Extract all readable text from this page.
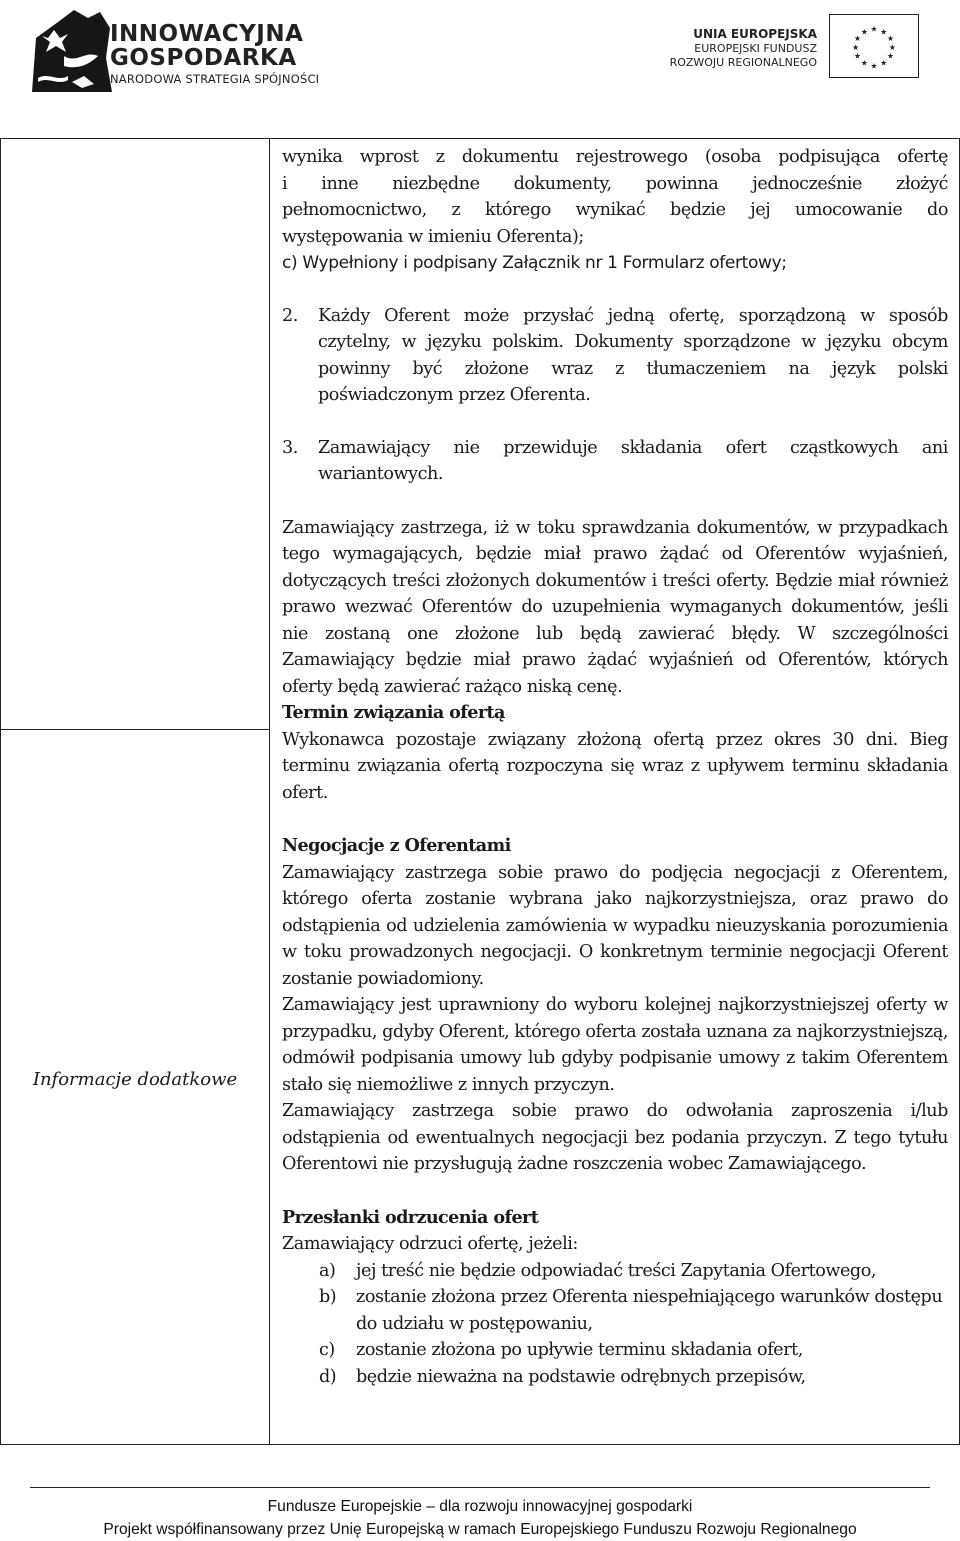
INNOWACYJNA
GOSPODARKA
NARODOWA STRATEGIA SPÓJNOŚCI
UNIA EUROPEJSKA
EUROPEJSKI FUNDUSZ
ROZWOJU REGIONALNEGO
★ ★
★
★
★
★
★
★
★
★
★
★
Informacje dodatkowe
wynika wprost z dokumentu rejestrowego (osoba podpisująca ofertę
i inne niezbędne dokumenty, powinna jednocześnie złożyć
pełnomocnictwo, z którego wynikać będzie jej umocowanie do
występowania w imieniu Oferenta);
c) Wypełniony i podpisany Załącznik nr 1 Formularz ofertowy;
2. Każdy Oferent może przysłać jedną ofertę, sporządzoną w sposób czytelny, w języku polskim. Dokumenty sporządzone w języku obcym powinny być złożone wraz z tłumaczeniem na język polski poświadczonym przez Oferenta.
3. Zamawiający nie przewiduje składania ofert cząstkowych ani wariantowych.
Zamawiający zastrzega, iż w toku sprawdzania dokumentów, w przypadkach tego wymagających, będzie miał prawo żądać od Oferentów wyjaśnień, dotyczących treści złożonych dokumentów i treści oferty. Będzie miał również prawo wezwać Oferentów do uzupełnienia wymaganych dokumentów, jeśli nie zostaną one złożone lub będą zawierać błędy. W szczególności Zamawiający będzie miał prawo żądać wyjaśnień od Oferentów, których oferty będą zawierać rażąco niską cenę.
Termin związania ofertą
Wykonawca pozostaje związany złożoną ofertą przez okres 30 dni. Bieg terminu związania ofertą rozpoczyna się wraz z upływem terminu składania ofert.
Negocjacje z Oferentami
Zamawiający zastrzega sobie prawo do podjęcia negocjacji z Oferentem, którego oferta zostanie wybrana jako najkorzystniejsza, oraz prawo do odstąpienia od udzielenia zamówienia w wypadku nieuzyskania porozumienia w toku prowadzonych negocjacji. O konkretnym terminie negocjacji Oferent zostanie powiadomiony.
Zamawiający jest uprawniony do wyboru kolejnej najkorzystniejszej oferty w przypadku, gdyby Oferent, którego oferta została uznana za najkorzystniejszą, odmówił podpisania umowy lub gdyby podpisanie umowy z takim Oferentem stało się niemożliwe z innych przyczyn.
Zamawiający zastrzega sobie prawo do odwołania zaproszenia i/lub odstąpienia od ewentualnych negocjacji bez podania przyczyn. Z tego tytułu Oferentowi nie przysługują żadne roszczenia wobec Zamawiającego.
Przesłanki odrzucenia ofert
Zamawiający odrzuci ofertę, jeżeli:
a) jej treść nie będzie odpowiadać treści Zapytania Ofertowego,
b) zostanie złożona przez Oferenta niespełniającego warunków dostępu do udziału w postępowaniu,
c) zostanie złożona po upływie terminu składania ofert,
d) będzie nieważna na podstawie odrębnych przepisów,
Fundusze Europejskie – dla rozwoju innowacyjnej gospodarki
Projekt współfinansowany przez Unię Europejską w ramach Europejskiego Funduszu Rozwoju Regionalnego
